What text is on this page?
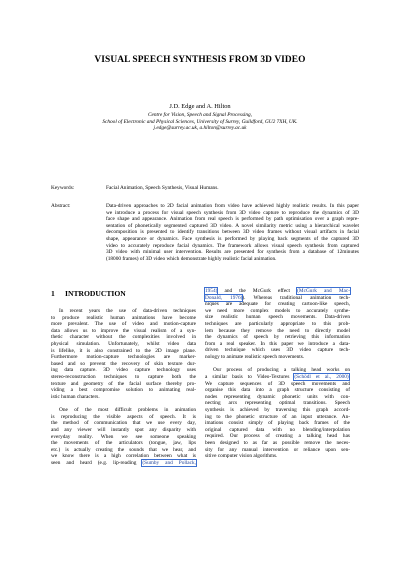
VISUAL SPEECH SYNTHESIS FROM 3D VIDEO
J.D. Edge and A. Hilton
Centre for Vision, Speech and Signal Processing,
School of Electronic and Physical Sciences, University of Surrey, Guildford, GU2 7XH, UK.
j.edge@surrey.ac.uk, a.hilton@surrey.ac.uk
Keywords:	Facial Animation, Speech Synthesis, Visual Humans.
Abstract:	Data-driven approaches to 2D facial animation from video have achieved highly realistic results. In this paper
we introduce a process for visual speech synthesis from 3D video capture to reproduce the dynamics of 3D
face shape and appearance. Animation from real speech is performed by path optimisation over a graph repre-
sentation of phonetically segmented captured 3D video. A novel similarity metric using a hierarchical wavelet
decomposition is presented to identify transitions between 3D video frames without visual artifacts in facial
shape, appearance or dynamics. Face synthesis is performed by playing back segments of the captured 3D
video to accurately reproduce facial dynamics. The framework allows visual speech synthesis from captured
3D video with minimal user intervention. Results are presented for synthesis from a database of 12minutes
(18000 frames) of 3D video which demonstrate highly realistic facial animation.
1 INTRODUCTION
In recent years the use of data-driven techniques
to produce realistic human animations have become
more prevalent. The use of video and motion-capture
data allows us to improve the visual realism of a syn-
thetic character without the complexities involved in
physical simulation. Unfortunately, whilst video data
is lifelike, it is also constrained to the 2D image plane.
Furthermore motion-capture technologies are marker-
based and so prevent the recovery of skin texture dur-
ing data capture. 3D video capture technology uses
stereo-reconstruction techniques to capture both the
texture and geometry of the facial surface thereby pro-
viding a best compromise solution to animating real-
istic human characters.
One of the most difficult problems in animation
is reproducing the visible aspects of speech. It is
the method of communication that we use every day,
and any viewer will instantly spot any disparity with
everyday reality. When we see someone speaking
the movements of the articulators (tongue, jaw, lips
etc.) is actually creating the sounds that we hear, and
we know there is a high correlation between what is
seen and heard (e.g. lip-reading (Sumby and Pollack,
1954) and the McGurk effect (McGurk and Mac-
Donald, 1976)). Whereas traditional animation tech-
niques are adequate for creating cartoon-like speech,
we need more complex models to accurately synthe-
size realistic human speech movements. Data-driven
techniques are particularly appropriate to this prob-
lem because they remove the need to directly model
the dynamics of speech by retrieving this information
from a real speaker. In this paper we introduce a data-
driven technique which uses 3D video capture tech-
nology to animate realistic speech movements.
Our process of producing a talking head works on
a similar basis to Video-Textures (Schödl et al., 2000).
We capture sequences of 3D speech movements and
organise this data into a graph structure consisting of
nodes representing dynamic phonetic units with con-
necting arcs representing optimal transitions. Speech
synthesis is achieved by traversing this graph accord-
ing to the phonetic structure of an input utterance. An-
imations consist simply of playing back frames of the
original captured data with no blending/interpolation
required. Our process of creating a talking head has
been designed to as far as possible remove the neces-
sity for any manual intervention or reliance upon sen-
sitive computer vision algorithms.
